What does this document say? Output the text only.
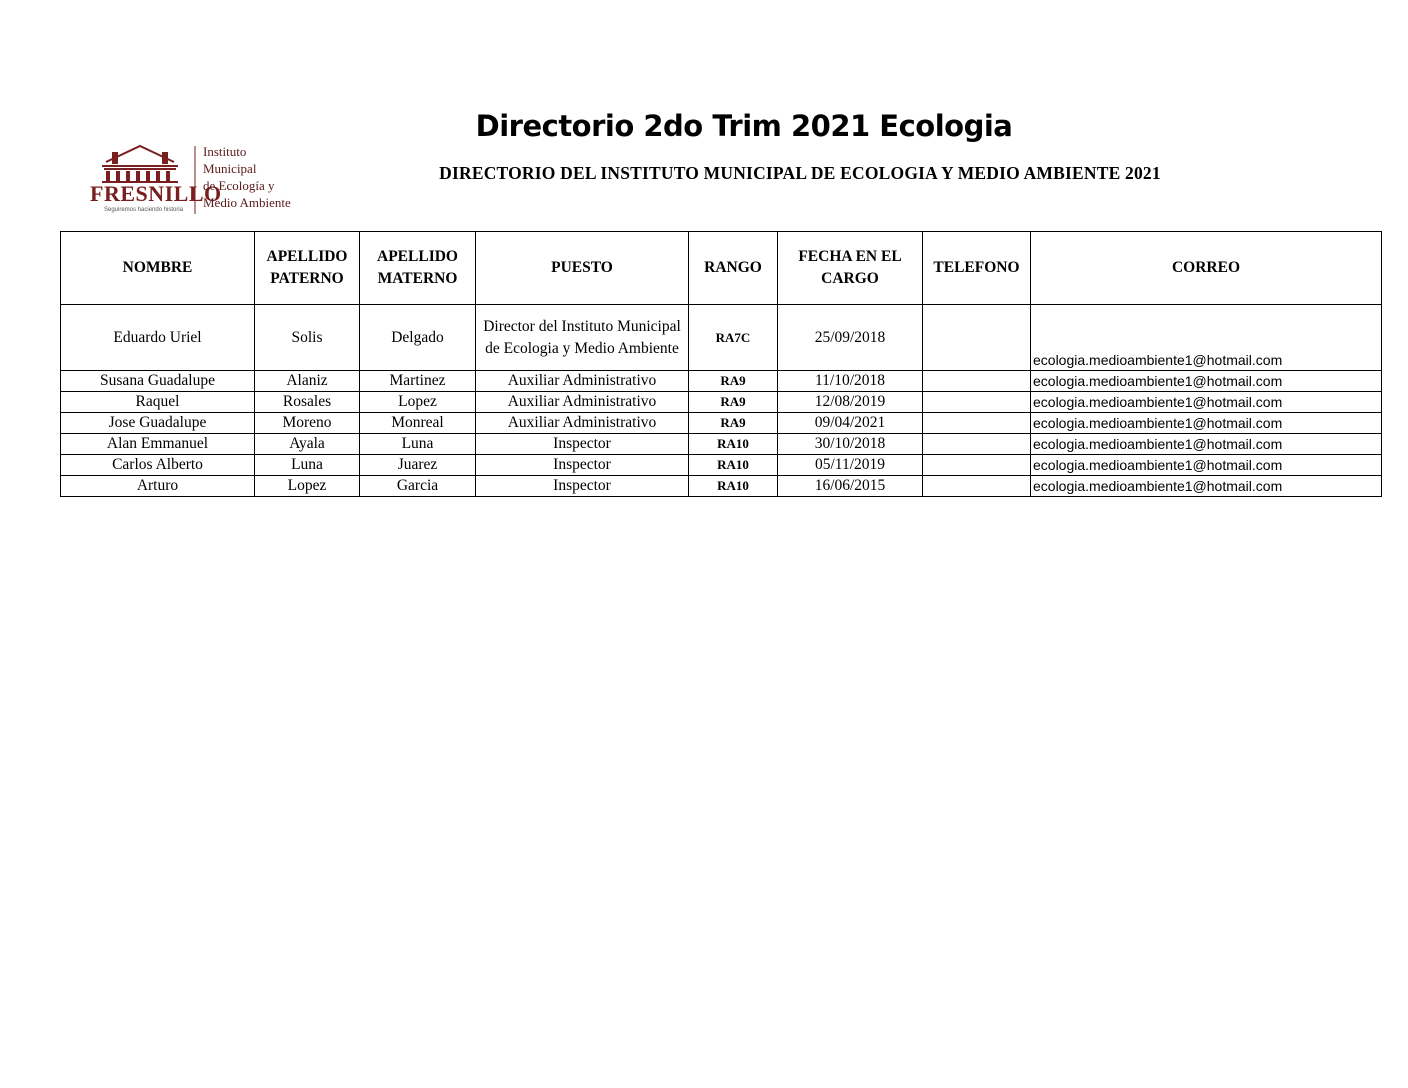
Directorio 2do Trim 2021 Ecologia
DIRECTORIO DEL INSTITUTO MUNICIPAL DE ECOLOGIA Y MEDIO AMBIENTE 2021
FRESNILLO
Seguiremos haciendo historia
Instituto
Municipal
de Ecología y
Medio Ambiente
NOMBRE	APELLIDO PATERNO	APELLIDO MATERNO	PUESTO	RANGO	FECHA EN EL CARGO	TELEFONO	CORREO
Eduardo Uriel	Solis	Delgado	Director del Instituto Municipal de Ecologia y Medio Ambiente	RA7C	25/09/2018		ecologia.medioambiente1@hotmail.com
Susana Guadalupe	Alaniz	Martinez	Auxiliar Administrativo	RA9	11/10/2018		ecologia.medioambiente1@hotmail.com
Raquel	Rosales	Lopez	Auxiliar Administrativo	RA9	12/08/2019		ecologia.medioambiente1@hotmail.com
Jose Guadalupe	Moreno	Monreal	Auxiliar Administrativo	RA9	09/04/2021		ecologia.medioambiente1@hotmail.com
Alan Emmanuel	Ayala	Luna	Inspector	RA10	30/10/2018		ecologia.medioambiente1@hotmail.com
Carlos Alberto	Luna	Juarez	Inspector	RA10	05/11/2019		ecologia.medioambiente1@hotmail.com
Arturo	Lopez	Garcia	Inspector	RA10	16/06/2015		ecologia.medioambiente1@hotmail.com
